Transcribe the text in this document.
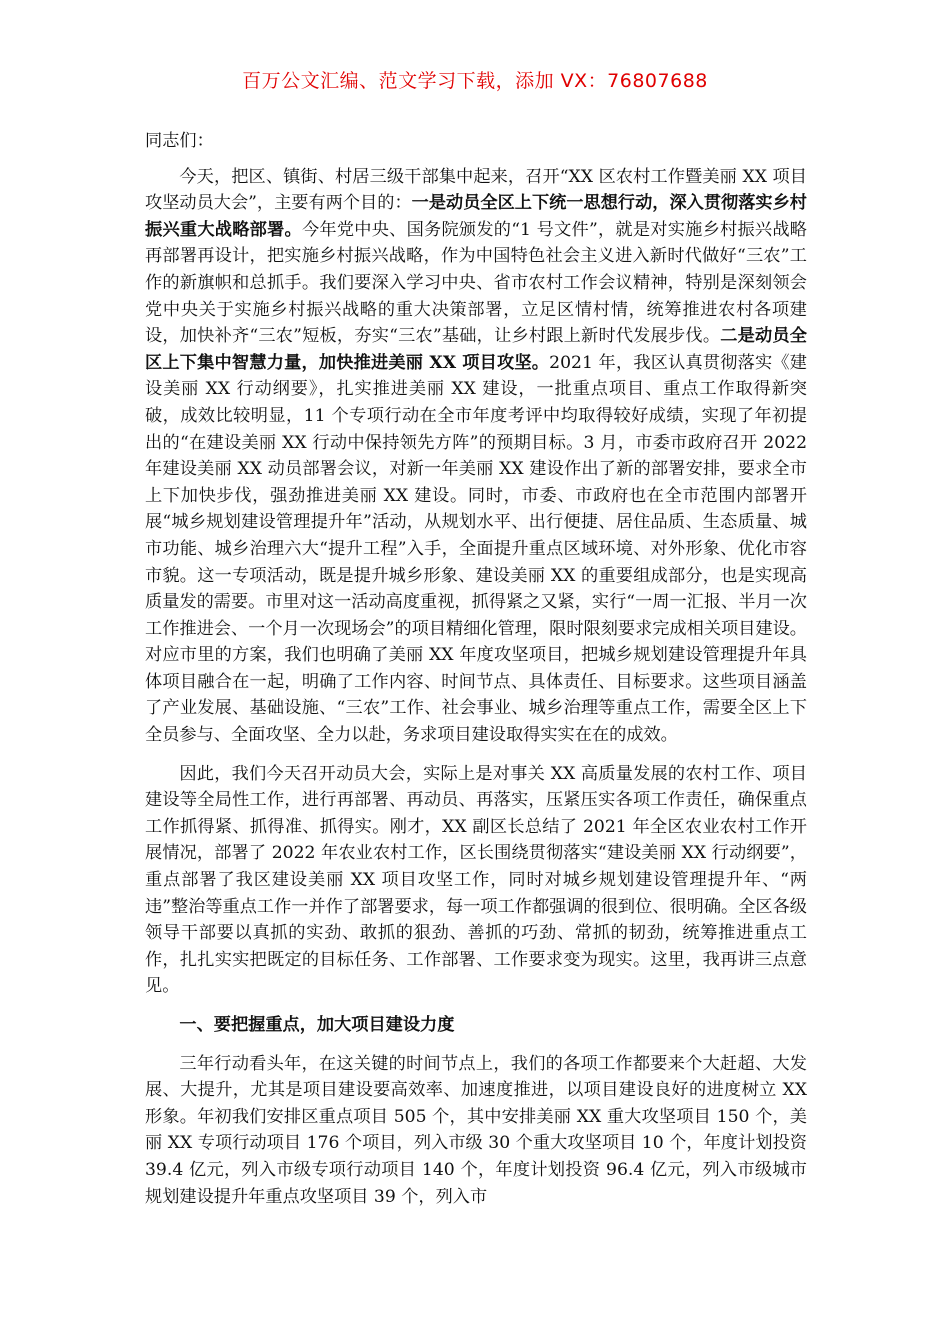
百万公文汇编、范文学习下载，添加 VX：76807688

同志们：

今天，把区、镇街、村居三级干部集中起来，召开“XX 区农村工作暨美丽 XX 项目攻坚动员大会”，主要有两个目的：一是动员全区上下统一思想行动，深入贯彻落实乡村振兴重大战略部署。今年党中央、国务院颁发的“1 号文件”，就是对实施乡村振兴战略再部署再设计，把实施乡村振兴战略，作为中国特色社会主义进入新时代做好“三农”工作的新旗帜和总抓手。我们要深入学习中央、省市农村工作会议精神，特别是深刻领会党中央关于实施乡村振兴战略的重大决策部署，立足区情村情，统筹推进农村各项建设，加快补齐“三农”短板，夯实“三农”基础，让乡村跟上新时代发展步伐。二是动员全区上下集中智慧力量，加快推进美丽 XX 项目攻坚。2021 年，我区认真贯彻落实《建设美丽 XX 行动纲要》，扎实推进美丽 XX 建设，一批重点项目、重点工作取得新突破，成效比较明显，11 个专项行动在全市年度考评中均取得较好成绩，实现了年初提出的“在建设美丽 XX 行动中保持领先方阵”的预期目标。3 月，市委市政府召开 2022 年建设美丽 XX 动员部署会议，对新一年美丽 XX 建设作出了新的部署安排，要求全市上下加快步伐，强劲推进美丽 XX 建设。同时，市委、市政府也在全市范围内部署开展“城乡规划建设管理提升年”活动，从规划水平、出行便捷、居住品质、生态质量、城市功能、城乡治理六大“提升工程”入手，全面提升重点区域环境、对外形象、优化市容市貌。这一专项活动，既是提升城乡形象、建设美丽 XX 的重要组成部分，也是实现高质量发的需要。市里对这一活动高度重视，抓得紧之又紧，实行“一周一汇报、半月一次工作推进会、一个月一次现场会”的项目精细化管理，限时限刻要求完成相关项目建设。对应市里的方案，我们也明确了美丽 XX 年度攻坚项目，把城乡规划建设管理提升年具体项目融合在一起，明确了工作内容、时间节点、具体责任、目标要求。这些项目涵盖了产业发展、基础设施、“三农”工作、社会事业、城乡治理等重点工作，需要全区上下全员参与、全面攻坚、全力以赴，务求项目建设取得实实在在的成效。

因此，我们今天召开动员大会，实际上是对事关 XX 高质量发展的农村工作、项目建设等全局性工作，进行再部署、再动员、再落实，压紧压实各项工作责任，确保重点工作抓得紧、抓得准、抓得实。刚才，XX 副区长总结了 2021 年全区农业农村工作开展情况，部署了 2022 年农业农村工作，区长围绕贯彻落实“建设美丽 XX 行动纲要”，重点部署了我区建设美丽 XX 项目攻坚工作，同时对城乡规划建设管理提升年、“两违”整治等重点工作一并作了部署要求，每一项工作都强调的很到位、很明确。全区各级领导干部要以真抓的实劲、敢抓的狠劲、善抓的巧劲、常抓的韧劲，统筹推进重点工作，扎扎实实把既定的目标任务、工作部署、工作要求变为现实。这里，我再讲三点意见。

一、要把握重点，加大项目建设力度

三年行动看头年，在这关键的时间节点上，我们的各项工作都要来个大赶超、大发展、大提升，尤其是项目建设要高效率、加速度推进，以项目建设良好的进度树立 XX 形象。年初我们安排区重点项目 505 个，其中安排美丽 XX 重大攻坚项目 150 个，美丽 XX 专项行动项目 176 个项目，列入市级 30 个重大攻坚项目 10 个，年度计划投资 39.4 亿元，列入市级专项行动项目 140 个，年度计划投资 96.4 亿元，列入市级城市规划建设提升年重点攻坚项目 39 个，列入市
